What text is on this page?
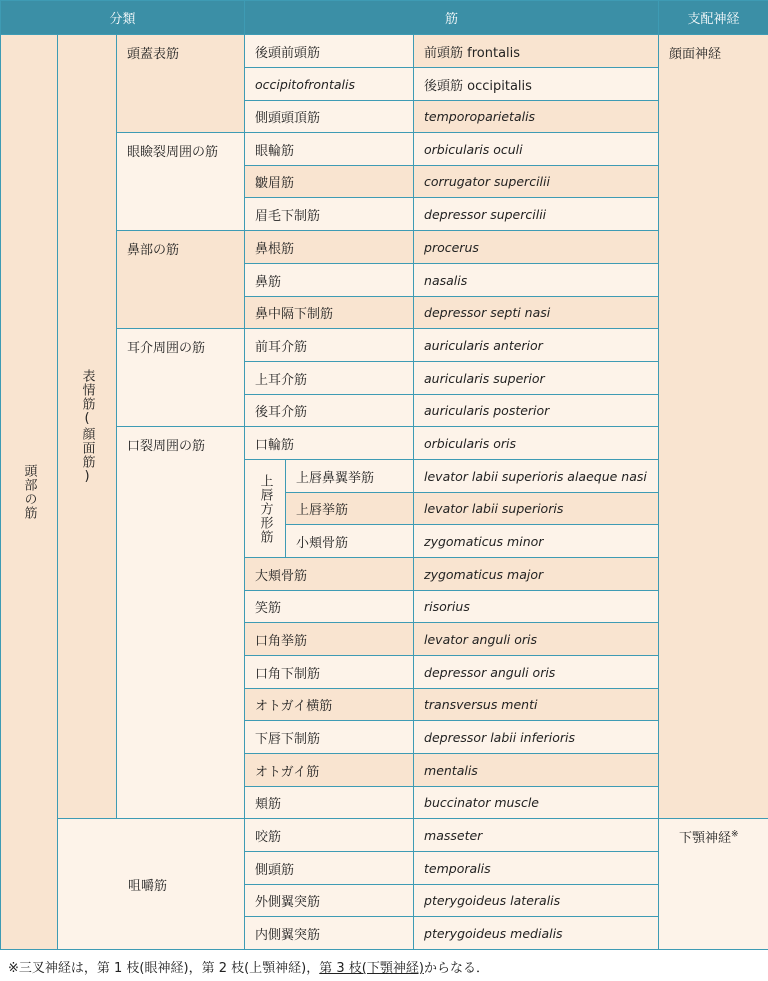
分類			筋			支配神経

頭部の筋	表情筋(顔面筋)	頭蓋表筋	後頭前頭筋		前頭筋 frontalis	顔面神経
			occipitofrontalis		後頭筋 occipitalis	
			側頭頭頂筋		temporoparietalis	
		眼瞼裂周囲の筋	眼輪筋		orbicularis oculi	
			皺眉筋		corrugator supercilii	
			眉毛下制筋		depressor supercilii	
		鼻部の筋	鼻根筋		procerus	
			鼻筋		nasalis	
			鼻中隔下制筋		depressor septi nasi	
		耳介周囲の筋	前耳介筋		auricularis anterior	
			上耳介筋		auricularis superior	
			後耳介筋		auricularis posterior	
		口裂周囲の筋	口輪筋		orbicularis oris	

			上唇方形筋	上唇鼻翼挙筋	levator labii superioris alaeque nasi	
				上唇挙筋	levator labii superioris	
				小頬骨筋	zygomaticus minor	
			大頬骨筋		zygomaticus major	
			笑筋		risorius	
			口角挙筋		levator anguli oris	
			口角下制筋		depressor anguli oris	
			オトガイ横筋		transversus menti	
			下唇下制筋		depressor labii inferioris	
			オトガイ筋		mentalis	
			頬筋		buccinator muscle	
	咀嚼筋		咬筋		masseter	下顎神経※
			側頭筋		temporalis	
			外側翼突筋		pterygoideus lateralis	
			内側翼突筋		pterygoideus medialis	
※三叉神経は，第 1 枝(眼神経)，第 2 枝(上顎神経)，第 3 枝(下顎神経)からなる．
